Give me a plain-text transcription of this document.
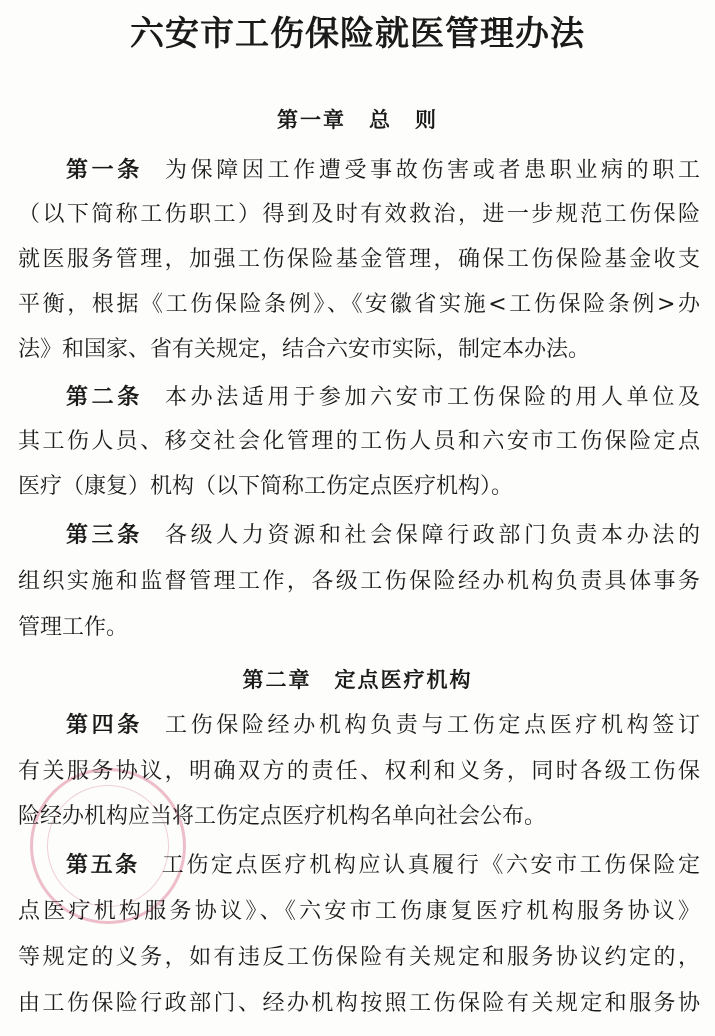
六安市工伤保险就医管理办法
第一章　总　则
第一条 为保障因工作遭受事故伤害或者患职业病的职工
（以下简称工伤职工）得到及时有效救治，进一步规范工伤保险
就医服务管理，加强工伤保险基金管理，确保工伤保险基金收支
平衡，根据《工伤保险条例》、《安徽省实施<工伤保险条例>办
法》和国家、省有关规定，结合六安市实际，制定本办法。
第二条 本办法适用于参加六安市工伤保险的用人单位及
其工伤人员、移交社会化管理的工伤人员和六安市工伤保险定点
医疗（康复）机构（以下简称工伤定点医疗机构）。
第三条 各级人力资源和社会保障行政部门负责本办法的
组织实施和监督管理工作，各级工伤保险经办机构负责具体事务
管理工作。
第二章　定点医疗机构
第四条 工伤保险经办机构负责与工伤定点医疗机构签订
有关服务协议，明确双方的责任、权利和义务，同时各级工伤保
险经办机构应当将工伤定点医疗机构名单向社会公布。
第五条 工伤定点医疗机构应认真履行《六安市工伤保险定
点医疗机构服务协议》、《六安市工伤康复医疗机构服务协议》
等规定的义务，如有违反工伤保险有关规定和服务协议约定的，
由工伤保险行政部门、经办机构按照工伤保险有关规定和服务协
